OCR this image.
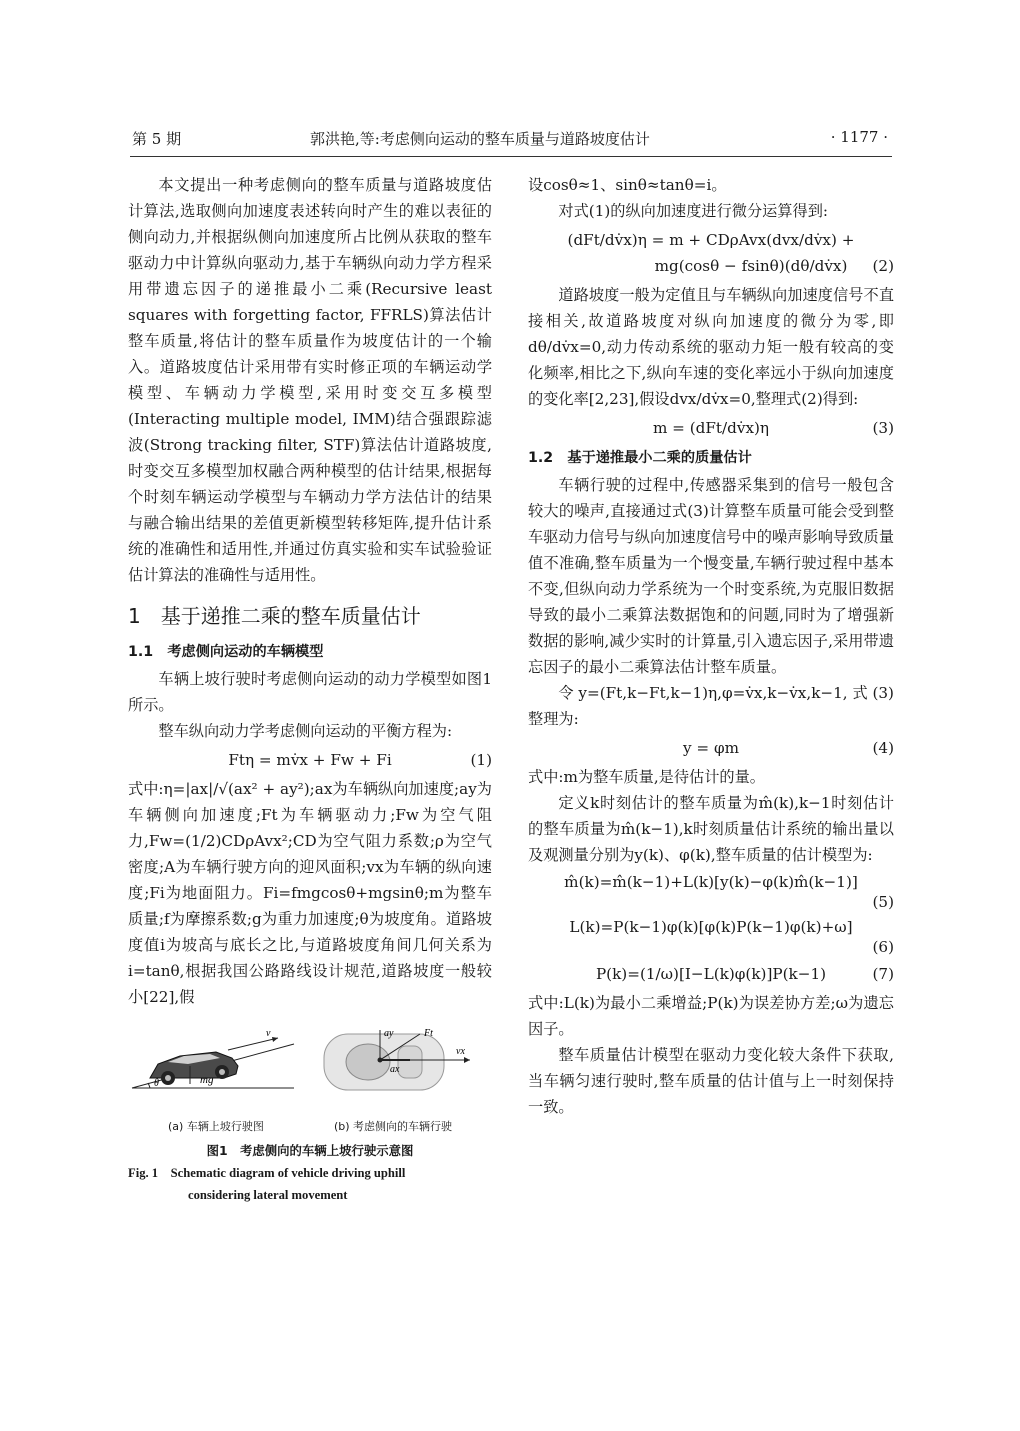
第 5 期	郭洪艳,等:考虑侧向运动的整车质量与道路坡度估计	· 1177 ·

本文提出一种考虑侧向的整车质量与道路坡度估计算法,选取侧向加速度表述转向时产生的难以表征的侧向动力,并根据纵侧向加速度所占比例从获取的整车驱动力中计算纵向驱动力,基于车辆纵向动力学方程采用带遗忘因子的递推最小二乘(Recursive least squares with forgetting factor, FFRLS)算法估计整车质量,将估计的整车质量作为坡度估计的一个输入。道路坡度估计采用带有实时修正项的车辆运动学模型、车辆动力学模型,采用时变交互多模型(Interacting multiple model, IMM)结合强跟踪滤波(Strong tracking filter, STF)算法估计道路坡度,时变交互多模型加权融合两种模型的估计结果,根据每个时刻车辆运动学模型与车辆动力学方法估计的结果与融合输出结果的差值更新模型转移矩阵,提升估计系统的准确性和适用性,并通过仿真实验和实车试验验证估计算法的准确性与适用性。

1　基于递推二乘的整车质量估计
1.1　考虑侧向运动的车辆模型

车辆上坡行驶时考虑侧向运动的动力学模型如图1所示。

整车纵向动力学考虑侧向运动的平衡方程为:

Ftη = mv̇x + Fw + Fi	(1)

式中:η=|ax|/√(ax² + ay²);ax为车辆纵向加速度;ay为车辆侧向加速度;Ft为车辆驱动力;Fw为空气阻力,Fw=(1/2)CDρAvx²;CD为空气阻力系数;ρ为空气密度;A为车辆行驶方向的迎风面积;vx为车辆的纵向速度;Fi为地面阻力。Fi=fmgcosθ+mgsinθ;m为整车质量;f为摩擦系数;g为重力加速度;θ为坡度角。道路坡度值i为坡高与底长之比,与道路坡度角间几何关系为i=tanθ,根据我国公路路线设计规范,道路坡度一般较小[22],假

mg
θ
v	ay	Ft
vx
ax
(a) 车辆上坡行驶图	(b) 考虑侧向的车辆行驶
图1　考虑侧向的车辆上坡行驶示意图
Fig. 1　Schematic diagram of vehicle driving uphill
considering lateral movement

设cosθ≈1、sinθ≈tanθ=i。

对式(1)的纵向加速度进行微分运算得到:

(dFt/dv̇x)η = m + CDρAvx(dvx/dv̇x) +
mg(cosθ − fsinθ)(dθ/dv̇x)	(2)

道路坡度一般为定值且与车辆纵向加速度信号不直接相关,故道路坡度对纵向加速度的微分为零,即dθ/dv̇x=0,动力传动系统的驱动力矩一般有较高的变化频率,相比之下,纵向车速的变化率远小于纵向加速度的变化率[2,23],假设dvx/dv̇x=0,整理式(2)得到:

m = (dFt/dv̇x)η	(3)
1.2　基于递推最小二乘的质量估计

车辆行驶的过程中,传感器采集到的信号一般包含较大的噪声,直接通过式(3)计算整车质量可能会受到整车驱动力信号与纵向加速度信号中的噪声影响导致质量值不准确,整车质量为一个慢变量,车辆行驶过程中基本不变,但纵向动力学系统为一个时变系统,为克服旧数据导致的最小二乘算法数据饱和的问题,同时为了增强新数据的影响,减少实时的计算量,引入遗忘因子,采用带遗忘因子的最小二乘算法估计整车质量。

令y=(Ft,k−Ft,k−1)η,φ=v̇x,k−v̇x,k−1,式(3)整理为:

y = φm	(4)

式中:m为整车质量,是待估计的量。

定义k时刻估计的整车质量为m̂(k),k−1时刻估计的整车质量为m̂(k−1),k时刻质量估计系统的输出量以及观测量分别为y(k)、φ(k),整车质量的估计模型为:

m̂(k)=m̂(k−1)+L(k)[y(k)−φ(k)m̂(k−1)]
(5)
L(k)=P(k−1)φ(k)[φ(k)P(k−1)φ(k)+ω]
(6)
P(k)=(1/ω)[I−L(k)φ(k)]P(k−1)	(7)

式中:L(k)为最小二乘增益;P(k)为误差协方差;ω为遗忘因子。

整车质量估计模型在驱动力变化较大条件下获取,当车辆匀速行驶时,整车质量的估计值与上一时刻保持一致。
